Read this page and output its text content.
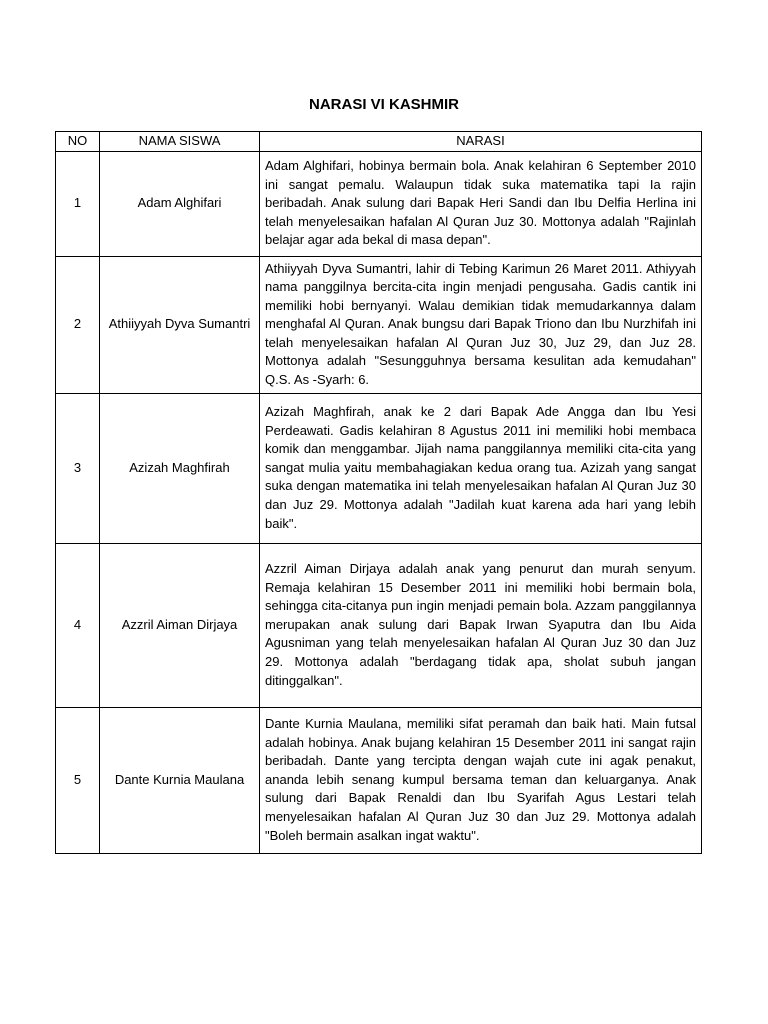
NARASI VI KASHMIR
NO	NAMA SISWA	NARASI
1	Adam Alghifari	Adam Alghifari, hobinya bermain bola. Anak kelahiran 6 September 2010 ini sangat pemalu. Walaupun tidak suka matematika tapi Ia rajin beribadah. Anak sulung dari Bapak Heri Sandi dan Ibu Delfia Herlina ini telah menyelesaikan hafalan Al Quran Juz 30. Mottonya adalah "Rajinlah belajar agar ada bekal di masa depan".
2	Athiiyyah Dyva Sumantri	Athiiyyah Dyva Sumantri, lahir di Tebing Karimun 26 Maret 2011. Athiyyah nama panggilnya bercita-cita ingin menjadi pengusaha. Gadis cantik ini memiliki hobi bernyanyi. Walau demikian tidak memudarkannya dalam menghafal Al Quran. Anak bungsu dari Bapak Triono dan Ibu Nurzhifah ini telah menyelesaikan hafalan Al Quran Juz 30, Juz 29, dan Juz 28. Mottonya adalah "Sesungguhnya bersama kesulitan ada kemudahan" Q.S. As -Syarh: 6.
3	Azizah Maghfirah	Azizah Maghfirah, anak ke 2 dari Bapak Ade Angga dan Ibu Yesi Perdeawati. Gadis kelahiran 8 Agustus 2011 ini memiliki hobi membaca komik dan menggambar. Jijah nama panggilannya memiliki cita-cita yang sangat mulia yaitu membahagiakan kedua orang tua. Azizah yang sangat suka dengan matematika ini telah menyelesaikan hafalan Al Quran Juz 30 dan Juz 29. Mottonya adalah "Jadilah kuat karena ada hari yang lebih baik".
4	Azzril Aiman Dirjaya	Azzril Aiman Dirjaya adalah anak yang penurut dan murah senyum. Remaja kelahiran 15 Desember 2011 ini memiliki hobi bermain bola, sehingga cita-citanya pun ingin menjadi pemain bola. Azzam panggilannya merupakan anak sulung dari Bapak Irwan Syaputra dan Ibu Aida Agusniman yang telah menyelesaikan hafalan Al Quran Juz 30 dan Juz 29. Mottonya adalah "berdagang tidak apa, sholat subuh jangan ditinggalkan".
5	Dante Kurnia Maulana	Dante Kurnia Maulana, memiliki sifat peramah dan baik hati. Main futsal adalah hobinya. Anak bujang kelahiran 15 Desember 2011 ini sangat rajin beribadah. Dante yang tercipta dengan wajah cute ini agak penakut, ananda lebih senang kumpul bersama teman dan keluarganya. Anak sulung dari Bapak Renaldi dan Ibu Syarifah Agus Lestari telah menyelesaikan hafalan Al Quran Juz 30 dan Juz 29. Mottonya adalah "Boleh bermain asalkan ingat waktu".
